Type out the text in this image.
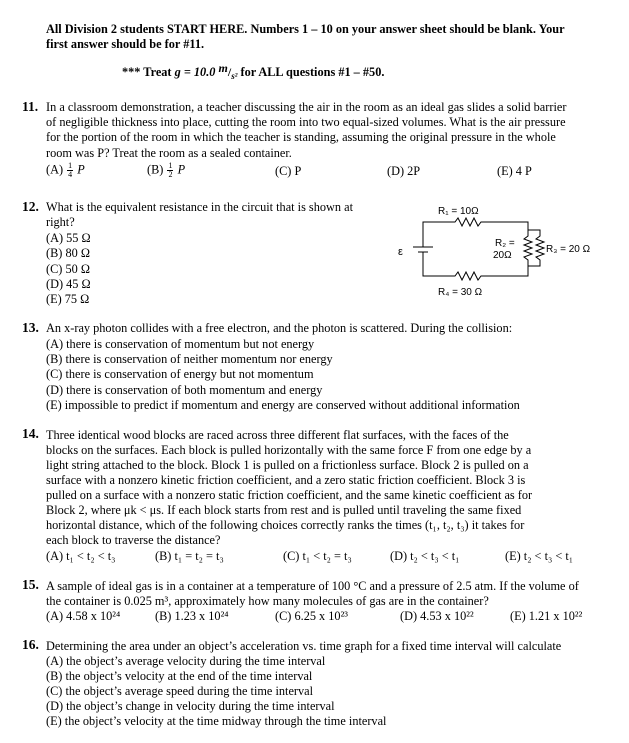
All Division 2 students START HERE. Numbers 1 – 10 on your answer sheet should be blank. Your
first answer should be for #11.
*** Treat g = 10.0 $m/_{s^2}$ for ALL questions #1 – #50.
11. In a classroom demonstration, a teacher discussing the air in the room as an ideal gas slides a solid barrier
of negligible thickness into place, cutting the room into two equal-sized volumes. What is the air pressure
for the portion of the room in which the teacher is standing, assuming the original pressure in the whole
room was P? Treat the room as a sealed container.
$(A) \frac{1}{4}$ P	$(B) \frac{1}{2}$ P	(C) P	(D) 2P	(E) 4 P
12. What is the equivalent resistance in the circuit that is shown at
right?
(A) 55 Ω
(B) 80 Ω
(C) 50 Ω
(D) 45 Ω
(E) 75 Ω
R₁ = 10Ω
R₂ =
20Ω
R₃ = 20 Ω
R₄ = 30 Ω
ε
13. An x-ray photon collides with a free electron, and the photon is scattered. During the collision:
(A) there is conservation of momentum but not energy
(B) there is conservation of neither momentum nor energy
(C) there is conservation of energy but not momentum
(D) there is conservation of both momentum and energy
(E) impossible to predict if momentum and energy are conserved without additional information
14. Three identical wood blocks are raced across three different flat surfaces, with the faces of the
blocks on the surfaces. Each block is pulled horizontally with the same force F from one edge by a
light string attached to the block. Block 1 is pulled on a frictionless surface. Block 2 is pulled on a
surface with a nonzero kinetic friction coefficient, and a zero static friction coefficient. Block 3 is
pulled on a surface with a nonzero static friction coefficient, and the same kinetic coefficient as for
Block 2, where μk < μs. If each block starts from rest and is pulled until traveling the same fixed
horizontal distance, which of the following choices correctly ranks the times (t₁, t₂, t₃) it takes for
each block to traverse the distance?
(A) t₁ < t₂ < t₃	(B) t₁ = t₂ = t₃	(C) t₁ < t₂ = t₃	(D) t₂ < t₃ < t₁	(E) t₂ < t₃ < t₁
15. A sample of ideal gas is in a container at a temperature of 100 °C and a pressure of 2.5 atm. If the volume of
the container is 0.025 m³, approximately how many molecules of gas are in the container?
(A) 4.58 x 10²⁴	(B) 1.23 x 10²⁴	(C) 6.25 x 10²³	(D) 4.53 x 10²²	(E) 1.21 x 10²²
16. Determining the area under an object’s acceleration vs. time graph for a fixed time interval will calculate
(A) the object’s average velocity during the time interval
(B) the object’s velocity at the end of the time interval
(C) the object’s average speed during the time interval
(D) the object’s change in velocity during the time interval
(E) the object’s velocity at the time midway through the time interval
